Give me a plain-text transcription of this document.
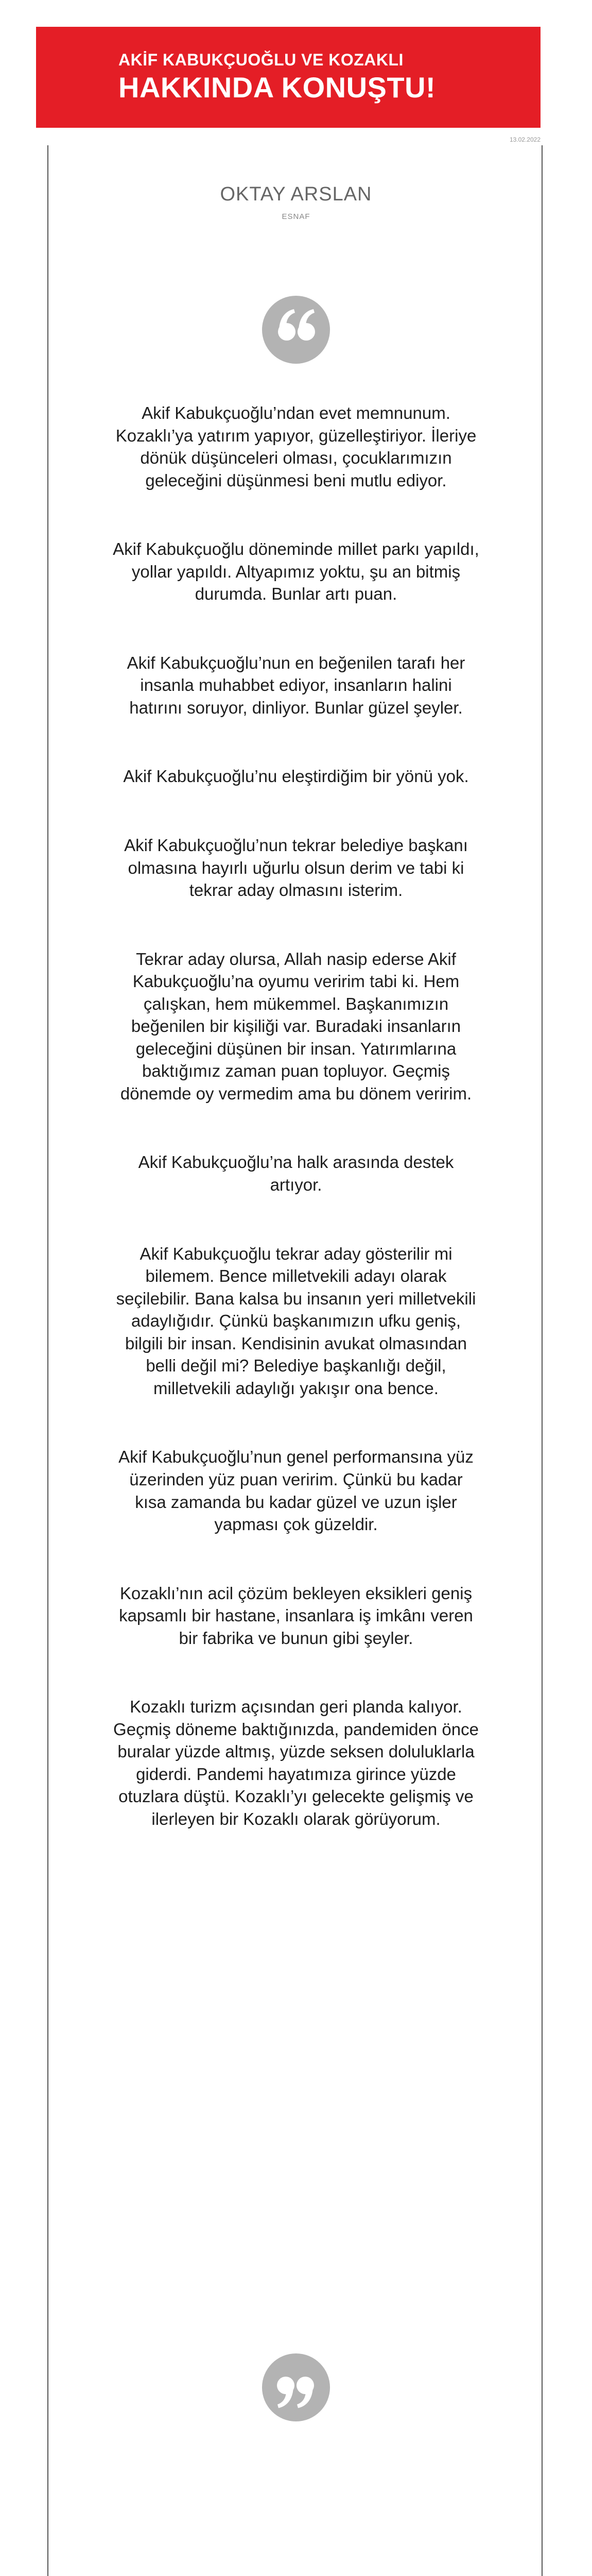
AKİF KABUKÇUOĞLU VE KOZAKLI
HAKKINDA KONUŞTU!
13.02.2022
OKTAY ARSLAN
ESNAF

Akif Kabukçuoğlu’ndan evet memnunum. Kozaklı’ya yatırım yapıyor, güzelleştiriyor. İleriye dönük düşünceleri olması, çocuklarımızın geleceğini düşünmesi beni mutlu ediyor.

Akif Kabukçuoğlu döneminde millet parkı yapıldı, yollar yapıldı. Altyapımız yoktu, şu an bitmiş durumda. Bunlar artı puan.

Akif Kabukçuoğlu’nun en beğenilen tarafı her insanla muhabbet ediyor, insanların halini hatırını soruyor, dinliyor. Bunlar güzel şeyler.

Akif Kabukçuoğlu’nu eleştirdiğim bir yönü yok.

Akif Kabukçuoğlu’nun tekrar belediye başkanı olmasına hayırlı uğurlu olsun derim ve tabi ki tekrar aday olmasını isterim.

Tekrar aday olursa, Allah nasip ederse Akif Kabukçuoğlu’na oyumu veririm tabi ki. Hem çalışkan, hem mükemmel. Başkanımızın beğenilen bir kişiliği var. Buradaki insanların geleceğini düşünen bir insan. Yatırımlarına baktığımız zaman puan topluyor. Geçmiş dönemde oy vermedim ama bu dönem veririm.

Akif Kabukçuoğlu’na halk arasında destek artıyor.

Akif Kabukçuoğlu tekrar aday gösterilir mi bilemem. Bence milletvekili adayı olarak seçilebilir. Bana kalsa bu insanın yeri milletvekili adaylığıdır. Çünkü başkanımızın ufku geniş, bilgili bir insan. Kendisinin avukat olmasından belli değil mi? Belediye başkanlığı değil, milletvekili adaylığı yakışır ona bence.

Akif Kabukçuoğlu’nun genel performansına yüz üzerinden yüz puan veririm. Çünkü bu kadar kısa zamanda bu kadar güzel ve uzun işler yapması çok güzeldir.

Kozaklı’nın acil çözüm bekleyen eksikleri geniş kapsamlı bir hastane, insanlara iş imkânı veren bir fabrika ve bunun gibi şeyler.

Kozaklı turizm açısından geri planda kalıyor. Geçmiş döneme baktığınızda, pandemiden önce buralar yüzde altmış, yüzde seksen doluluklarla giderdi. Pandemi hayatımıza girince yüzde otuzlara düştü. Kozaklı’yı gelecekte gelişmiş ve ilerleyen bir Kozaklı olarak görüyorum.
